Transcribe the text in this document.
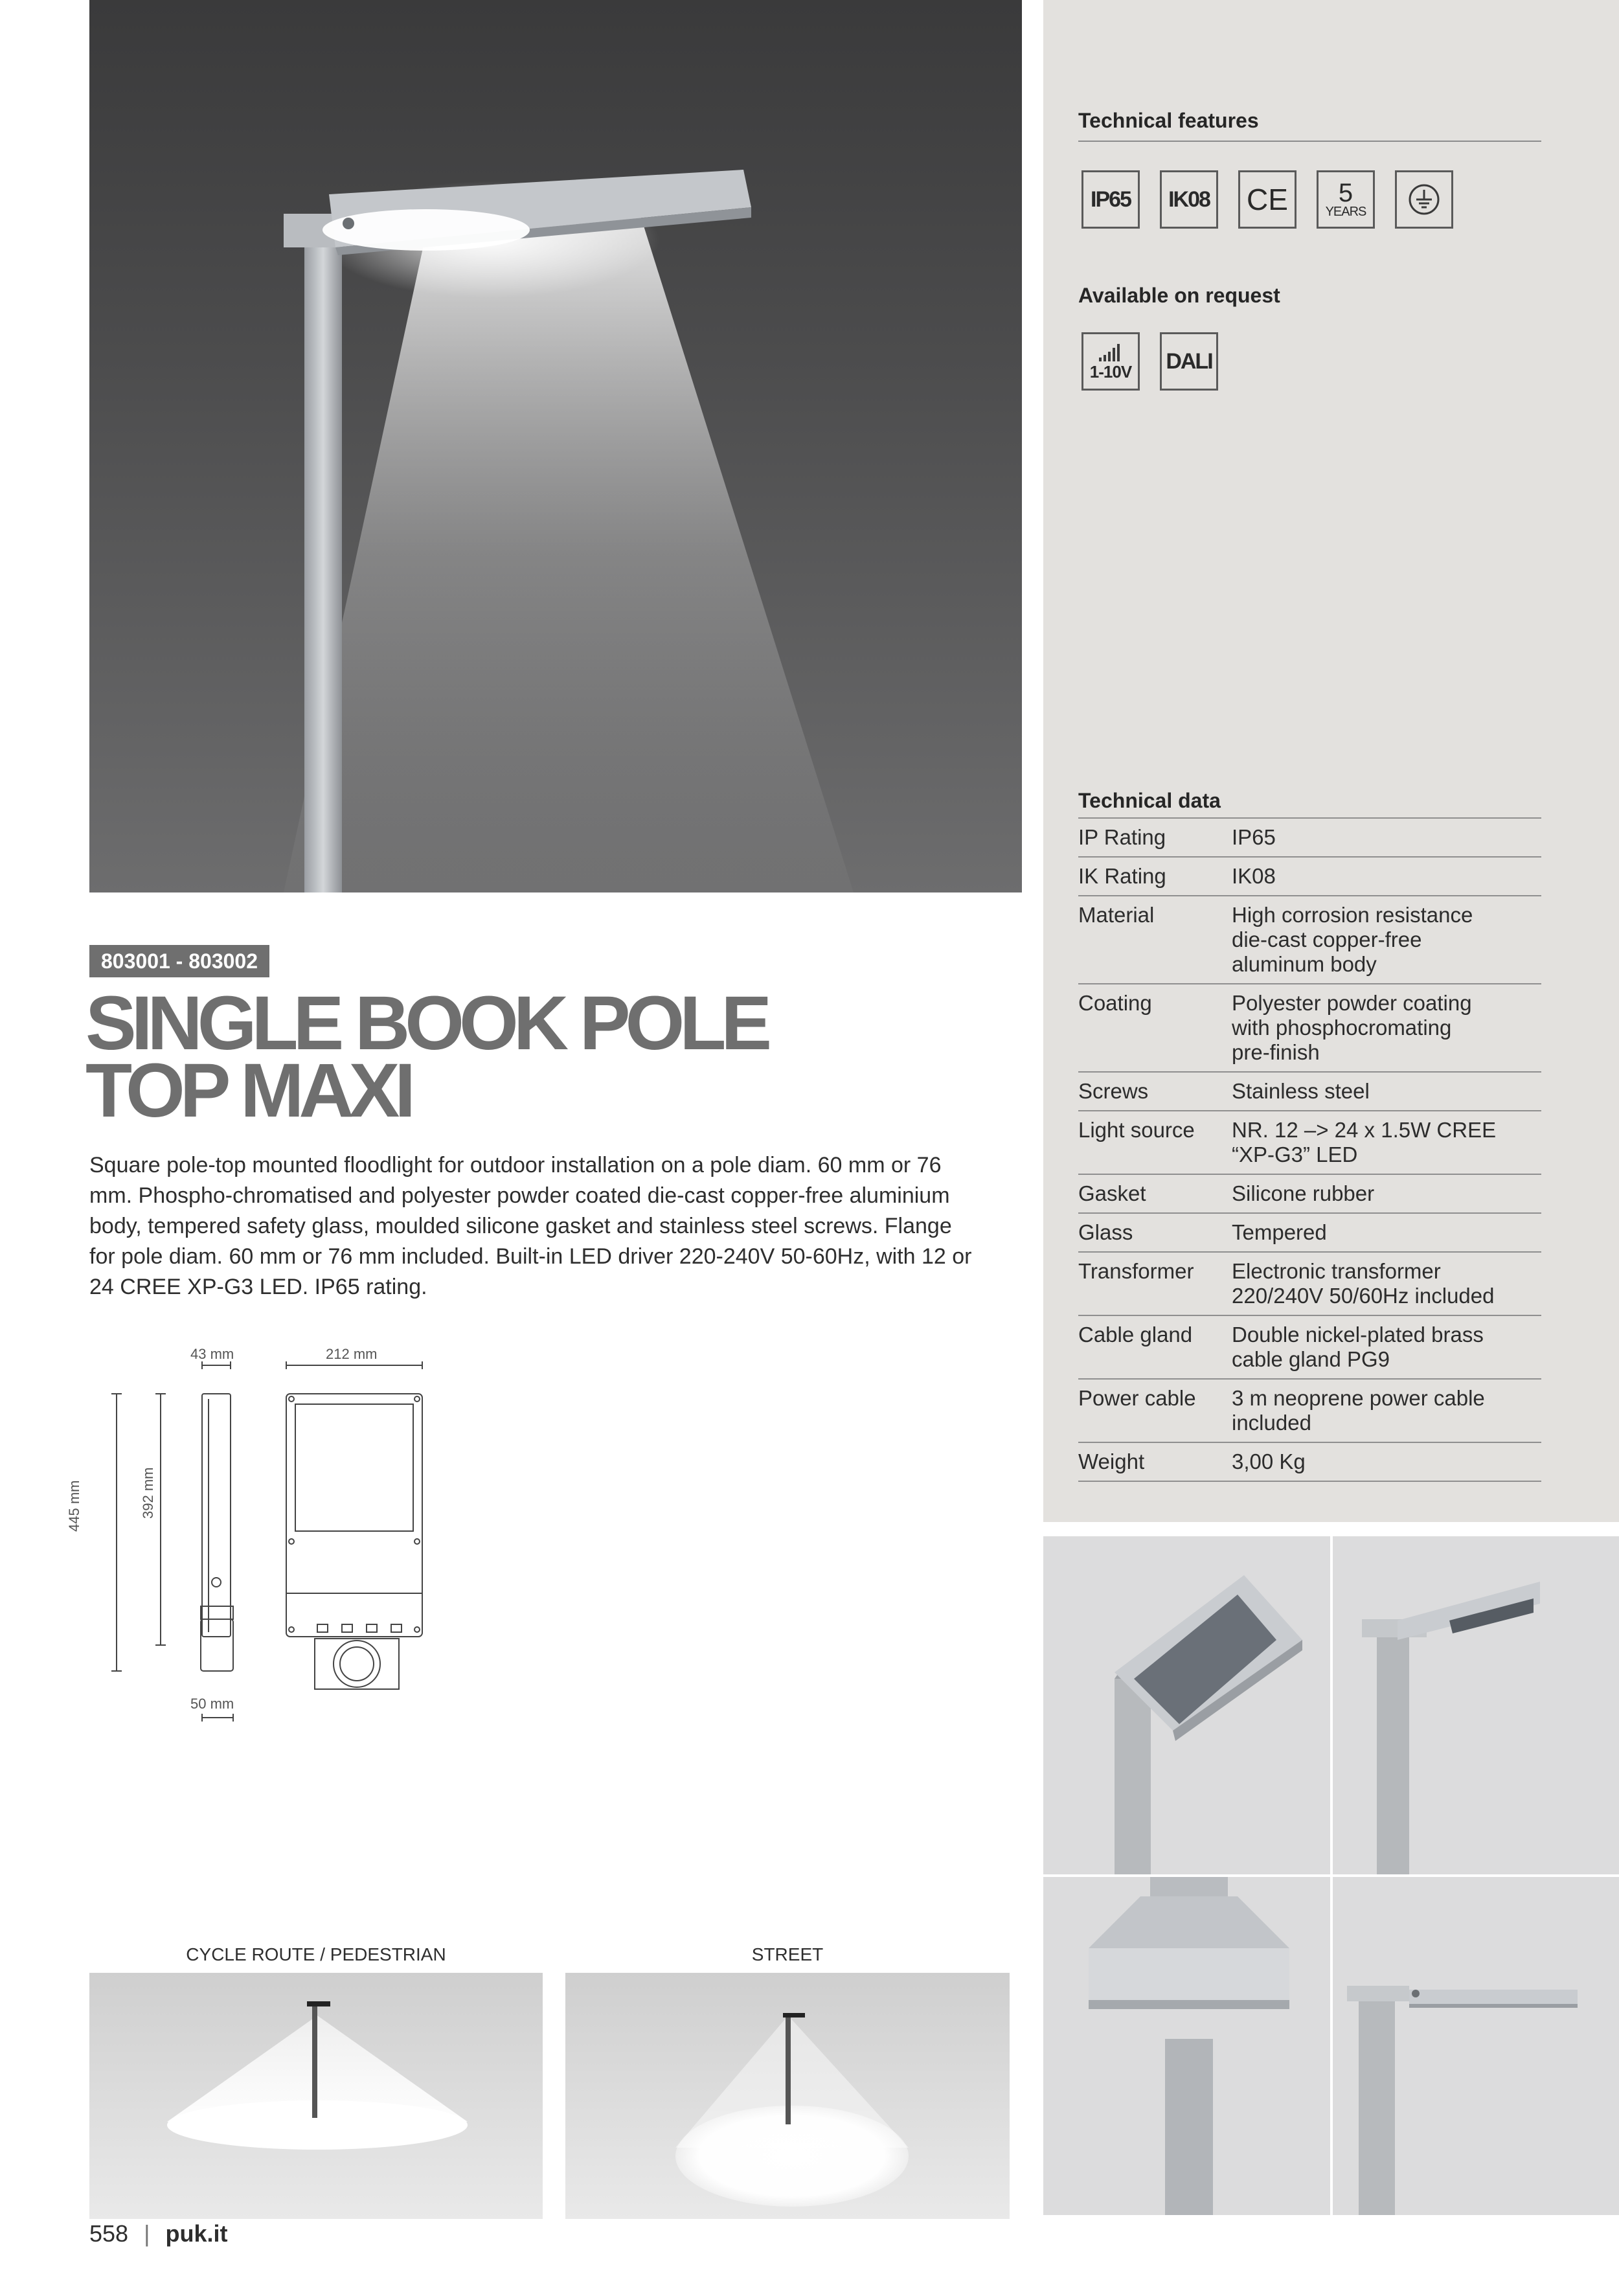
Technical features
IP65 IK08 CE 5
YEARS
Available on request
1-10V DALI
Technical data
IP Rating	IP65
IK Rating	IK08
Material	High corrosion resistance
die-cast copper-free
aluminum body
Coating	Polyester powder coating
with phosphocromating
pre-finish
Screws	Stainless steel
Light source	NR. 12 –> 24 x 1.5W CREE
“XP-G3” LED
Gasket	Silicone rubber
Glass	Tempered
Transformer	Electronic transformer
220/240V 50/60Hz included
Cable gland	Double nickel-plated brass
cable gland PG9
Power cable	3 m neoprene power cable
included
Weight	3,00 Kg
803001 - 803002
SINGLE BOOK POLE
TOP MAXI
Square pole-top mounted floodlight for outdoor installation on a pole diam. 60 mm or 76 mm. Phospho-chromatised and polyester powder coated die-cast copper-free aluminium body, tempered safety glass, moulded silicone gasket and stainless steel screws. Flange for pole diam. 60 mm or 76 mm included. Built-in LED driver 220-240V 50-60Hz, with 12 or 24 CREE XP-G3 LED. IP65 rating.
43 mm	212 mm
445 mm	392 mm
50 mm
CYCLE ROUTE / PEDESTRIAN	STREET
558 | puk.it
